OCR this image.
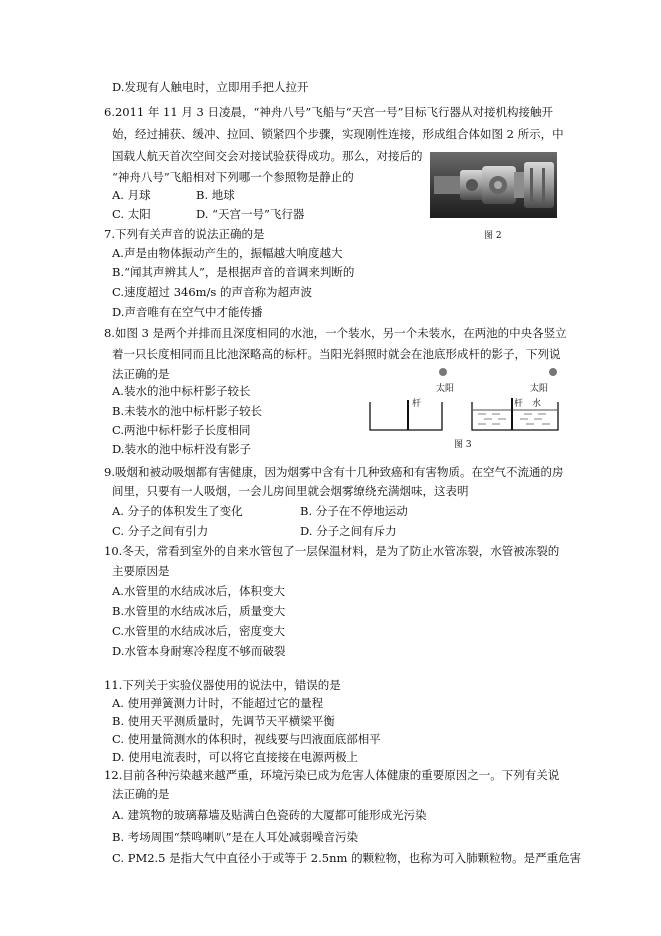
D.发现有人触电时，立即用手把人拉开
6.2011 年 11 月 3 日凌晨，“神舟八号”飞船与“天宫一号”目标飞行器从对接机构接触开
始，经过捕获、缓冲、拉回、锁紧四个步骤，实现刚性连接，形成组合体如图 2 所示，中
国载人航天首次空间交会对接试验获得成功。那么，对接后的
“神舟八号”飞船相对下列哪一个参照物是静止的
A. 月球	B. 地球
C. 太阳	D. “天宫一号”飞行器
图 2
7.下列有关声音的说法正确的是
A.声是由物体振动产生的，振幅越大响度越大
B.“闻其声辨其人”，是根据声音的音调来判断的
C.速度超过 346m/s 的声音称为超声波
D.声音唯有在空气中才能传播
8.如图 3 是两个并排而且深度相同的水池，一个装水，另一个未装水，在两池的中央各竖立
着一只长度相同而且比池深略高的标杆。当阳光斜照时就会在池底形成杆的影子，下列说
法正确的是
A.装水的池中标杆影子较长
B.未装水的池中标杆影子较长
C.两池中标杆影子长度相同
D.装水的池中标杆没有影子
太阳
杆
太阳
杆 水
图 3
9.吸烟和被动吸烟都有害健康，因为烟雾中含有十几种致癌和有害物质。在空气不流通的房
间里，只要有一人吸烟，一会儿房间里就会烟雾缭绕充满烟味，这表明
A. 分子的体积发生了变化	B. 分子在不停地运动
C. 分子之间有引力	D. 分子之间有斥力
10.冬天，常看到室外的自来水管包了一层保温材料，是为了防止水管冻裂，水管被冻裂的
主要原因是
A.水管里的水结成冰后，体积变大
B.水管里的水结成冰后，质量变大
C.水管里的水结成冰后，密度变大
D.水管本身耐寒冷程度不够而破裂
11.下列关于实验仪器使用的说法中，错误的是
A. 使用弹簧测力计时，不能超过它的量程
B. 使用天平测质量时，先调节天平横梁平衡
C. 使用量筒测水的体积时，视线要与凹液面底部相平
D. 使用电流表时，可以将它直接接在电源两极上
12.目前各种污染越来越严重，环境污染已成为危害人体健康的重要原因之一。下列有关说
法正确的是
A. 建筑物的玻璃幕墙及贴满白色瓷砖的大厦都可能形成光污染
B. 考场周围“禁鸣喇叭”是在人耳处减弱噪音污染
C. PM2.5 是指大气中直径小于或等于 2.5nm 的颗粒物，也称为可入肺颗粒物。是严重危害
